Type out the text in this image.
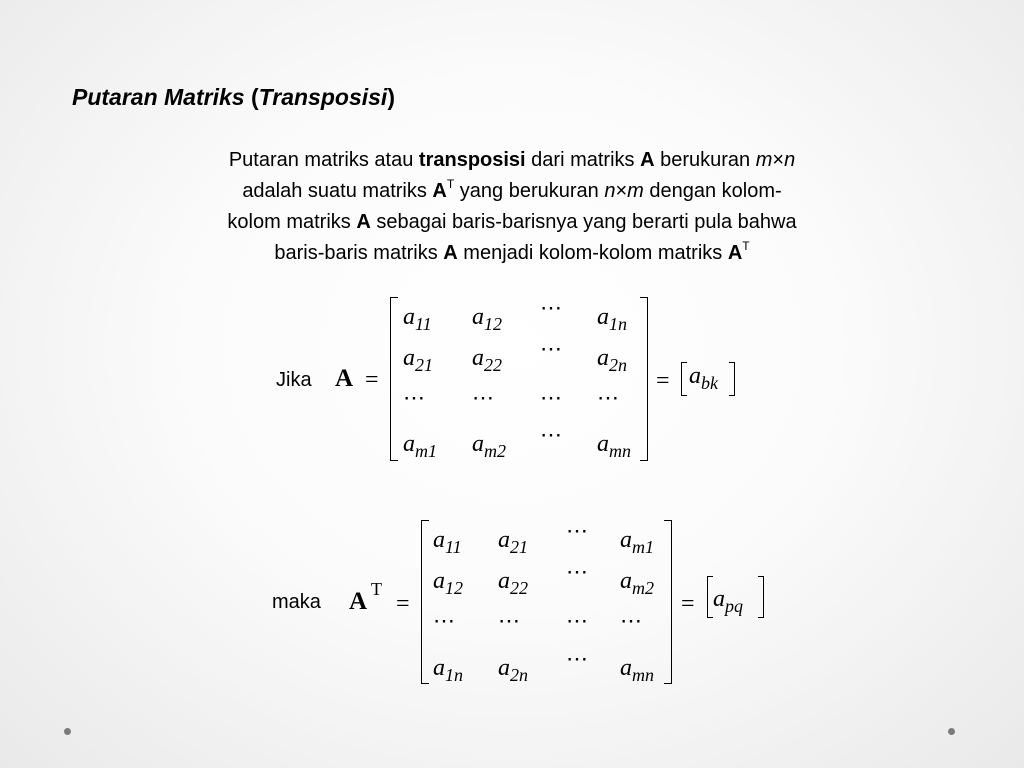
Putaran Matriks (Transposisi)
Putaran matriks atau transposisi dari matriks A berukuran m×n
adalah suatu matriks $A^T$ yang berukuran n×m dengan kolom-
kolom matriks A sebagai baris-barisnya yang berarti pula bahwa
baris-baris matriks A menjadi kolom-kolom matriks $A^T$
Jika A =
$a_{11}$ $a_{12}$
⋯ $a_{1n}$
$a_{21}$ $a_{22}$
⋯ $a_{2n}$
⋯ ⋯ ⋯ ⋯
$a_{m1}$ $a_{m2}$
⋯ $a_{mn}$
= $a_{bk}$
maka A T
=
$a_{11}$ $a_{21}$
⋯ $a_{m1}$
$a_{12}$ $a_{22}$
⋯ $a_{m2}$
⋯ ⋯ ⋯ ⋯
$a_{1n}$ $a_{2n}$
⋯ $a_{mn}$
= $a_{pq}$
